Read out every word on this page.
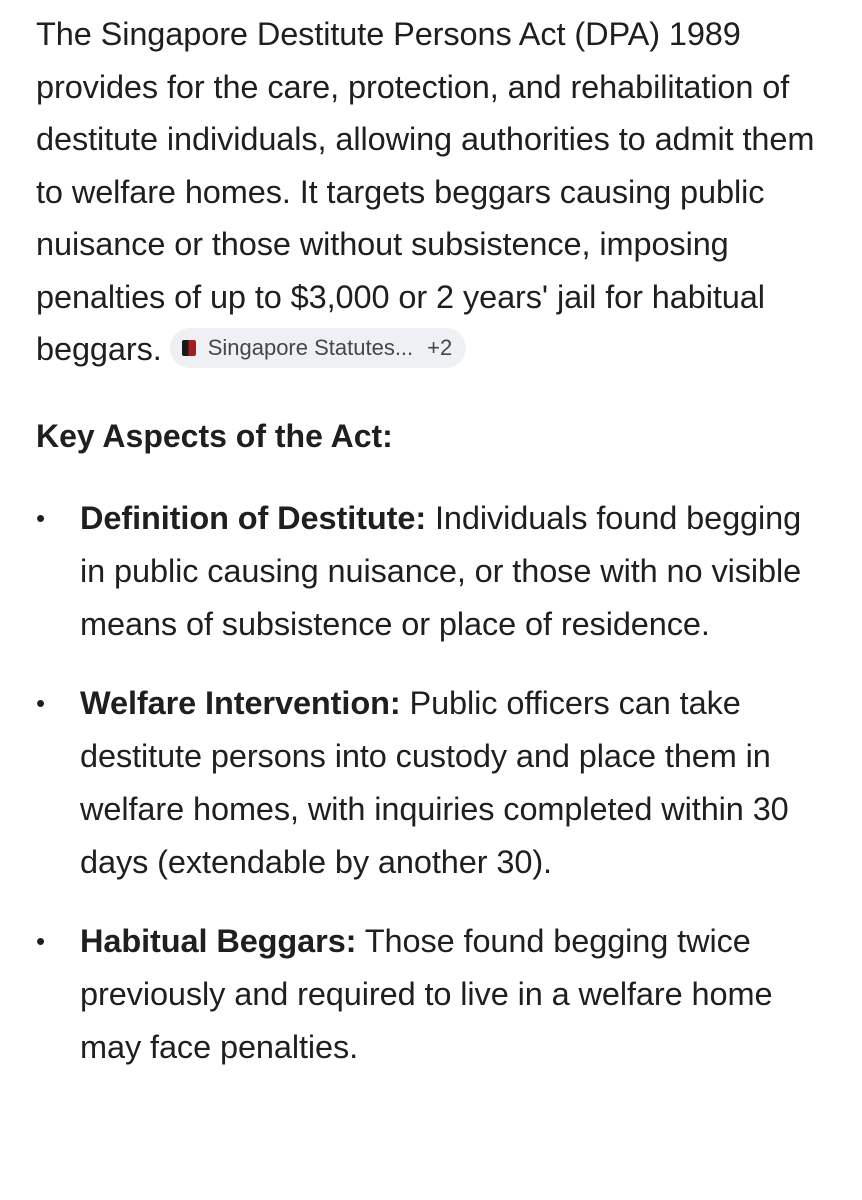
The Singapore Destitute Persons Act (DPA) 1989 provides for the care, protection, and rehabilitation of destitute individuals, allowing authorities to admit them to welfare homes. It targets beggars causing public nuisance or those without subsistence, imposing penalties of up to $3,000 or 2 years' jail for habitual beggars. Singapore Statutes... +2

Key Aspects of the Act:
• Definition of Destitute: Individuals found begging in public causing nuisance, or those with no visible means of subsistence or place of residence.
• Welfare Intervention: Public officers can take destitute persons into custody and place them in welfare homes, with inquiries completed within 30 days (extendable by another 30).
• Habitual Beggars: Those found begging twice previously and required to live in a welfare home may face penalties.
